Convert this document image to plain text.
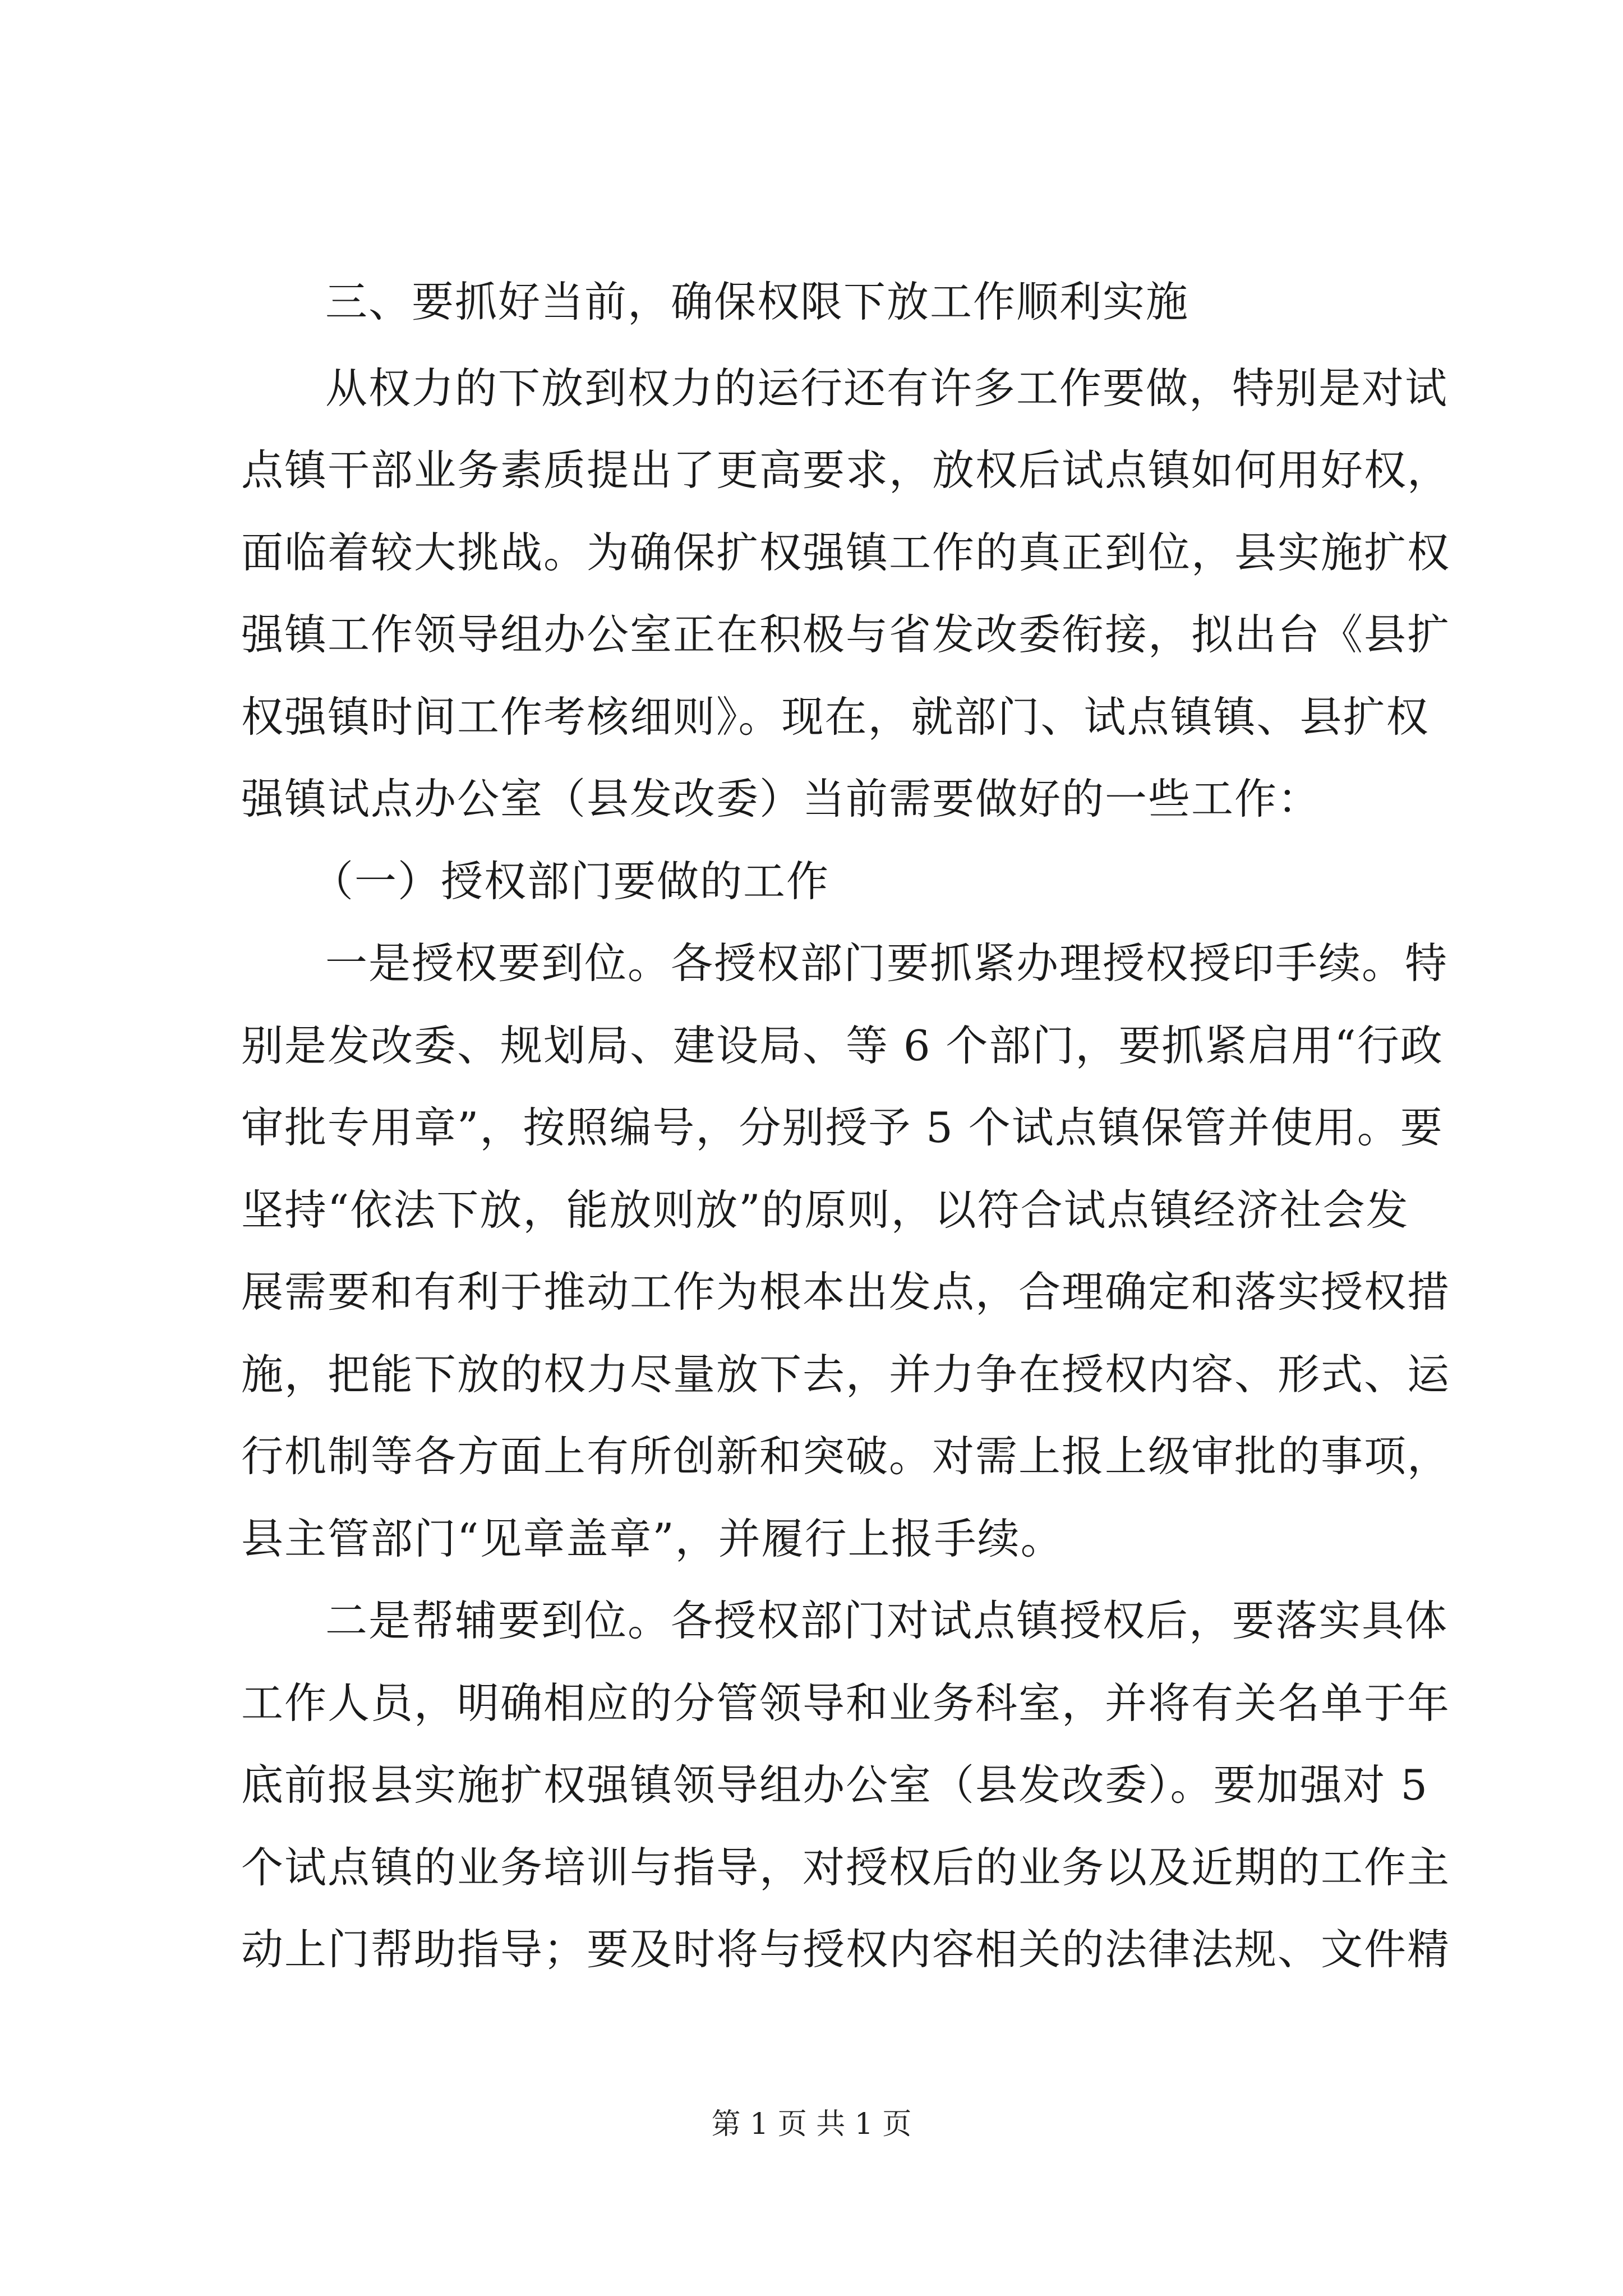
三、要抓好当前，确保权限下放工作顺利实施
从权力的下放到权力的运行还有许多工作要做，特别是对试
点镇干部业务素质提出了更高要求，放权后试点镇如何用好权，
面临着较大挑战。为确保扩权强镇工作的真正到位，县实施扩权
强镇工作领导组办公室正在积极与省发改委衔接，拟出台《县扩
权强镇时间工作考核细则》。现在，就部门、试点镇镇、县扩权
强镇试点办公室（县发改委）当前需要做好的一些工作：
（一）授权部门要做的工作
一是授权要到位。各授权部门要抓紧办理授权授印手续。特
别是发改委、规划局、建设局、等 6 个部门，要抓紧启用“行政
审批专用章”，按照编号，分别授予 5 个试点镇保管并使用。要
坚持“依法下放，能放则放”的原则，以符合试点镇经济社会发
展需要和有利于推动工作为根本出发点，合理确定和落实授权措
施，把能下放的权力尽量放下去，并力争在授权内容、形式、运
行机制等各方面上有所创新和突破。对需上报上级审批的事项，
县主管部门“见章盖章”，并履行上报手续。
二是帮辅要到位。各授权部门对试点镇授权后，要落实具体
工作人员，明确相应的分管领导和业务科室，并将有关名单于年
底前报县实施扩权强镇领导组办公室（县发改委）。要加强对 5
个试点镇的业务培训与指导，对授权后的业务以及近期的工作主
动上门帮助指导；要及时将与授权内容相关的法律法规、文件精
第 1 页 共 1 页
